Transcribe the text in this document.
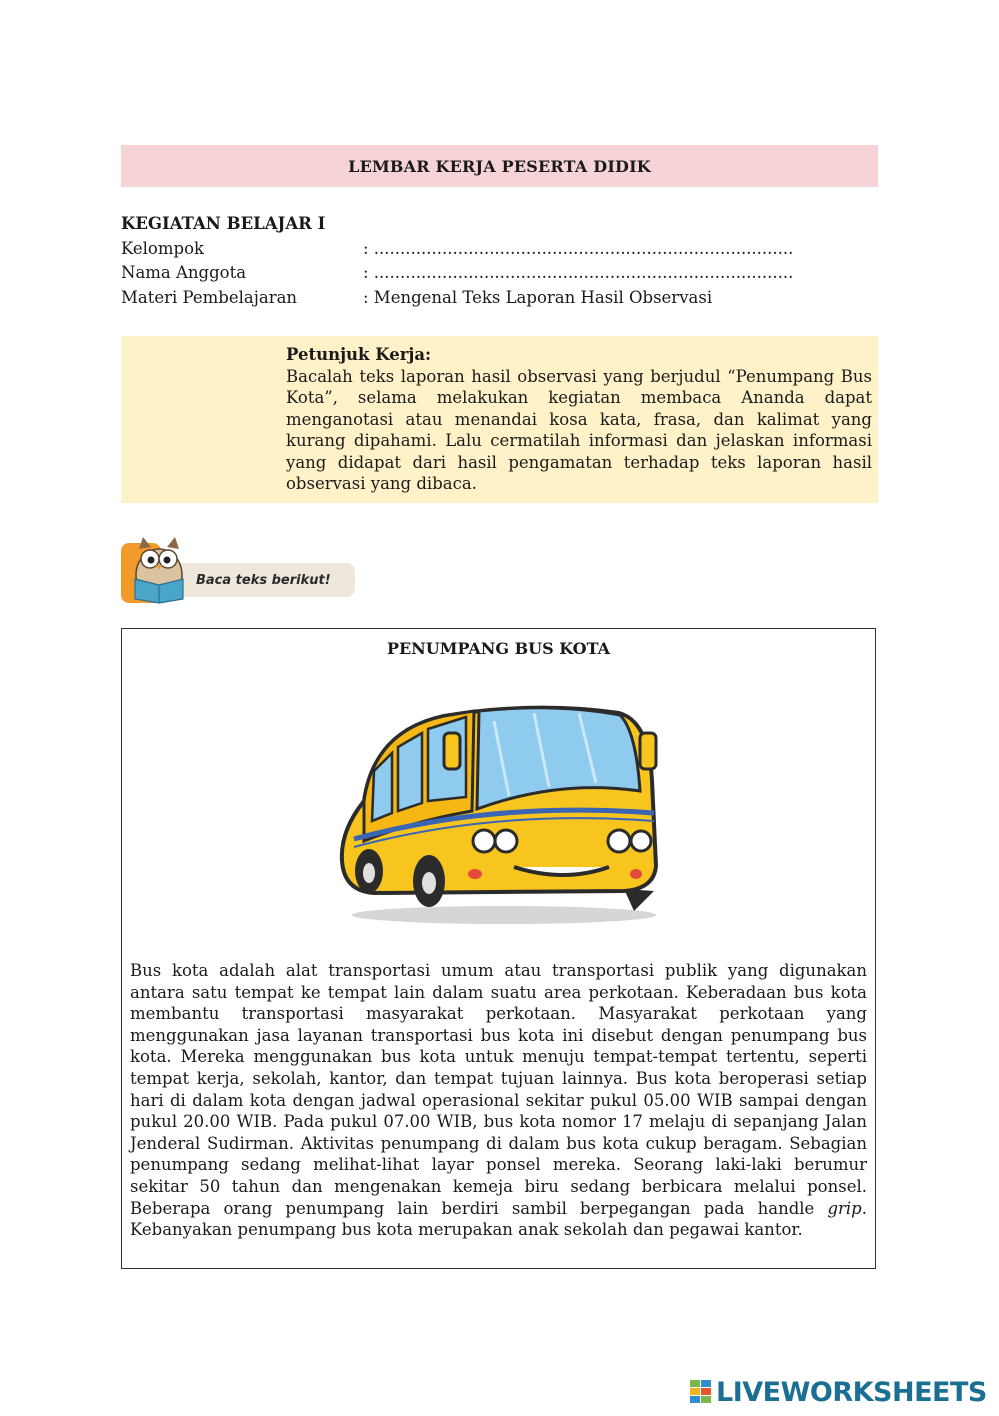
LEMBAR KERJA PESERTA DIDIK
KEGIATAN BELAJAR I
Kelompok	: ................................................................................
Nama Anggota	: ................................................................................
Materi Pembelajaran	: Mengenal Teks Laporan Hasil Observasi
Petunjuk Kerja:
Bacalah teks laporan hasil observasi yang berjudul “Penumpang Bus Kota”, selama melakukan kegiatan membaca Ananda dapat menganotasi atau menandai kosa kata, frasa, dan kalimat yang kurang dipahami. Lalu cermatilah informasi dan jelaskan informasi yang didapat dari hasil pengamatan terhadap teks laporan hasil observasi yang dibaca.
Baca teks berikut!
PENUMPANG BUS KOTA
Bus kota adalah alat transportasi umum atau transportasi publik yang digunakan antara satu tempat ke tempat lain dalam suatu area perkotaan. Keberadaan bus kota membantu transportasi masyarakat perkotaan. Masyarakat perkotaan yang menggunakan jasa layanan transportasi bus kota ini disebut dengan penumpang bus kota. Mereka menggunakan bus kota untuk menuju tempat-tempat tertentu, seperti tempat kerja, sekolah, kantor, dan tempat tujuan lainnya. Bus kota beroperasi setiap hari di dalam kota dengan jadwal operasional sekitar pukul 05.00 WIB sampai dengan pukul 20.00 WIB. Pada pukul 07.00 WIB, bus kota nomor 17 melaju di sepanjang Jalan Jenderal Sudirman. Aktivitas penumpang di dalam bus kota cukup beragam. Sebagian penumpang sedang melihat-lihat layar ponsel mereka. Seorang laki-laki berumur sekitar 50 tahun dan mengenakan kemeja biru sedang berbicara melalui ponsel. Beberapa orang penumpang lain berdiri sambil berpegangan pada handle grip. Kebanyakan penumpang bus kota merupakan anak sekolah dan pegawai kantor.
LIVEWORKSHEETS
